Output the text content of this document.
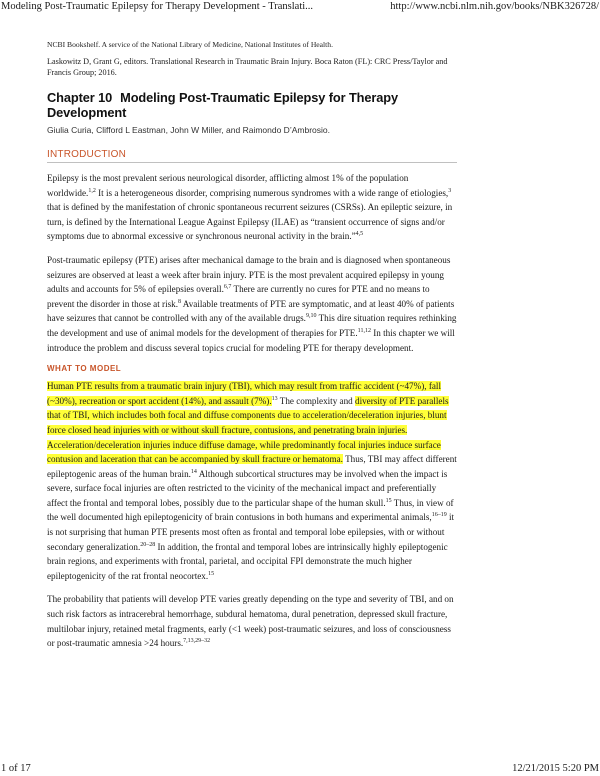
Modeling Post-Traumatic Epilepsy for Therapy Development - Translati...	http://www.ncbi.nlm.nih.gov/books/NBK326728/
NCBI Bookshelf. A service of the National Library of Medicine, National Institutes of Health.
Laskowitz D, Grant G, editors. Translational Research in Traumatic Brain Injury. Boca Raton (FL): CRC Press/Taylor and Francis Group; 2016.
Chapter 10 Modeling Post-Traumatic Epilepsy for Therapy Development
Giulia Curia, Clifford L Eastman, John W Miller, and Raimondo D’Ambrosio.
INTRODUCTION

Epilepsy is the most prevalent serious neurological disorder, afflicting almost 1% of the population worldwide.$^{1,2}$ It is a heterogeneous disorder, comprising numerous syndromes with a wide range of etiologies,$^3$ that is defined by the manifestation of chronic spontaneous recurrent seizures (CSRSs). An epileptic seizure, in turn, is defined by the International League Against Epilepsy (ILAE) as “transient occurrence of signs and/or symptoms due to abnormal excessive or synchronous neuronal activity in the brain.”$^{4,5}$

Post-traumatic epilepsy (PTE) arises after mechanical damage to the brain and is diagnosed when spontaneous seizures are observed at least a week after brain injury. PTE is the most prevalent acquired epilepsy in young adults and accounts for 5% of epilepsies overall.$^{6,7}$ There are currently no cures for PTE and no means to prevent the disorder in those at risk.$^8$ Available treatments of PTE are symptomatic, and at least 40% of patients have seizures that cannot be controlled with any of the available drugs.$^{9,10}$ This dire situation requires rethinking the development and use of animal models for the development of therapies for PTE.$^{11,12}$ In this chapter we will introduce the problem and discuss several topics crucial for modeling PTE for therapy development.

WHAT TO MODEL

Human PTE results from a traumatic brain injury (TBI), which may result from traffic accident (~47%), fall (~30%), recreation or sport accident (14%), and assault (7%).$^{13}$ The complexity and diversity of PTE parallels that of TBI, which includes both focal and diffuse components due to acceleration/deceleration injuries, blunt force closed head injuries with or without skull fracture, contusions, and penetrating brain injuries. Acceleration/deceleration injuries induce diffuse damage, while predominantly focal injuries induce surface contusion and laceration that can be accompanied by skull fracture or hematoma. Thus, TBI may affect different epileptogenic areas of the human brain.$^{14}$ Although subcortical structures may be involved when the impact is severe, surface focal injuries are often restricted to the vicinity of the mechanical impact and preferentially affect the frontal and temporal lobes, possibly due to the particular shape of the human skull.$^{15}$ Thus, in view of the well documented high epileptogenicity of brain contusions in both humans and experimental animals,$^{16-19}$ it is not surprising that human PTE presents most often as frontal and temporal lobe epilepsies, with or without secondary generalization.$^{20-28}$ In addition, the frontal and temporal lobes are intrinsically highly epileptogenic brain regions, and experiments with frontal, parietal, and occipital FPI demonstrate the much higher epileptogenicity of the rat frontal neocortex.$^{15}$

The probability that patients will develop PTE varies greatly depending on the type and severity of TBI, and on such risk factors as intracerebral hemorrhage, subdural hematoma, dural penetration, depressed skull fracture, multilobar injury, retained metal fragments, early (<1 week) post-traumatic seizures, and loss of consciousness or post-traumatic amnesia >24 hours.$^{7,13,29-32}$

1 of 17	12/21/2015 5:20 PM
